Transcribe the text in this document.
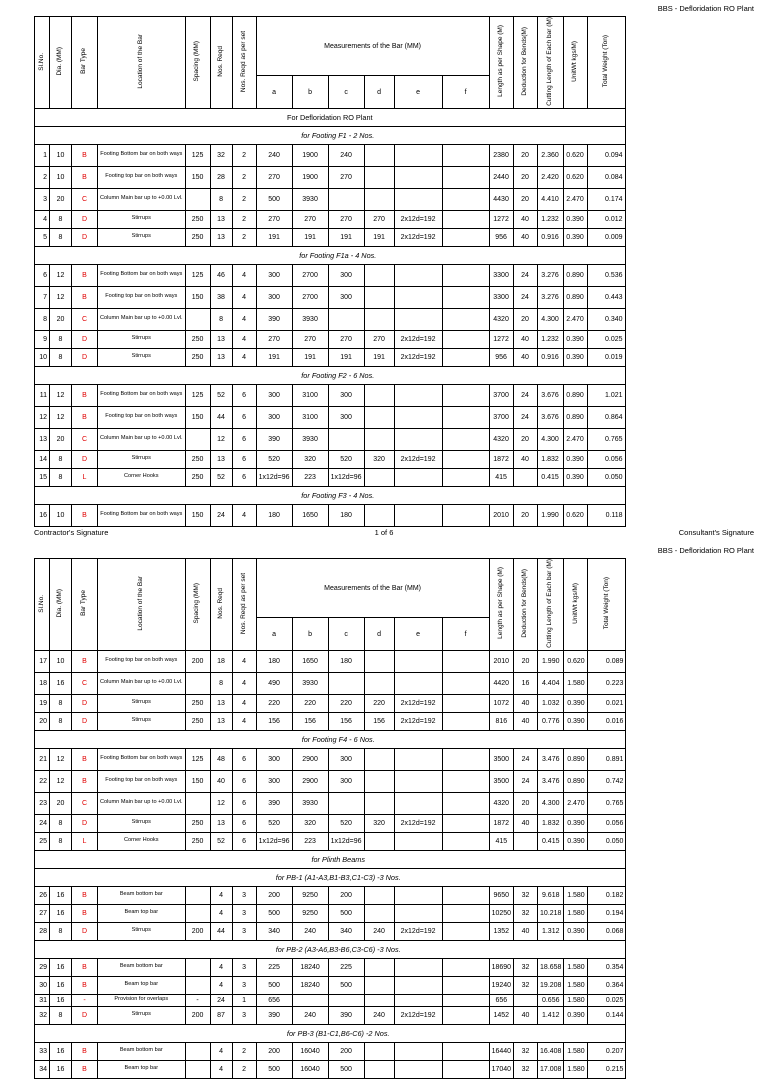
BBS - Defloridation RO Plant
Sl.No.	Dia. (MM)	Bar Type	Location of the Bar	Spacing (MM)	Nos. Reqd	Nos. Reqd as per set	Measurements of the Bar (MM)						Length as per Shape (M)	Deduction for Bends(M)	Cutting Length of Each bar (M)	UnitWt kgs/M)	Total Weight (Ton)
							a	b	c	d	e	f					
For Defloridation RO Plant																	
for Footing F1 - 2 Nos.																	
1	10	B	Footing Bottom bar on both ways	125	32	2	240	1900	240				2380	20	2.360	0.620	0.094
2	10	B	Footing top bar on both ways	150	28	2	270	1900	270				2440	20	2.420	0.620	0.084
3	20	C	Column Main bar up to +0.00 Lvl.		8	2	500	3930					4430	20	4.410	2.470	0.174
4	8	D	Stirrups	250	13	2	270	270	270	270	2x12d=192		1272	40	1.232	0.390	0.012
5	8	D	Stirrups	250	13	2	191	191	191	191	2x12d=192		956	40	0.916	0.390	0.009
for Footing F1a - 4 Nos.																	
6	12	B	Footing Bottom bar on both ways	125	46	4	300	2700	300				3300	24	3.276	0.890	0.536
7	12	B	Footing top bar on both ways	150	38	4	300	2700	300				3300	24	3.276	0.890	0.443
8	20	C	Column Main bar up to +0.00 Lvl.		8	4	390	3930					4320	20	4.300	2.470	0.340
9	8	D	Stirrups	250	13	4	270	270	270	270	2x12d=192		1272	40	1.232	0.390	0.025
10	8	D	Stirrups	250	13	4	191	191	191	191	2x12d=192		956	40	0.916	0.390	0.019
for Footing F2 - 6 Nos.																	
11	12	B	Footing Bottom bar on both ways	125	52	6	300	3100	300				3700	24	3.676	0.890	1.021
12	12	B	Footing top bar on both ways	150	44	6	300	3100	300				3700	24	3.676	0.890	0.864
13	20	C	Column Main bar up to +0.00 Lvl.		12	6	390	3930					4320	20	4.300	2.470	0.765
14	8	D	Stirrups	250	13	6	520	320	520	320	2x12d=192		1872	40	1.832	0.390	0.056
15	8	L	Corner Hooks	250	52	6	1x12d=96	223	1x12d=96				415		0.415	0.390	0.050
for Footing F3 - 4 Nos.																	
16	10	B	Footing Bottom bar on both ways	150	24	4	180	1650	180				2010	20	1.990	0.620	0.118
Contractor's Signature	1 of 6	Consultant's Signature
BBS - Defloridation RO Plant
Sl.No.	Dia. (MM)	Bar Type	Location of the Bar	Spacing (MM)	Nos. Reqd	Nos. Reqd as per set	Measurements of the Bar (MM)						Length as per Shape (M)	Deduction for Bends(M)	Cutting Length of Each bar (M)	UnitWt kgs/M)	Total Weight (Ton)
							a	b	c	d	e	f					
17	10	B	Footing top bar on both ways	200	18	4	180	1650	180				2010	20	1.990	0.620	0.089
18	16	C	Column Main bar up to +0.00 Lvl.		8	4	490	3930					4420	16	4.404	1.580	0.223
19	8	D	Stirrups	250	13	4	220	220	220	220	2x12d=192		1072	40	1.032	0.390	0.021
20	8	D	Stirrups	250	13	4	156	156	156	156	2x12d=192		816	40	0.776	0.390	0.016
for Footing F4 - 6 Nos.																	
21	12	B	Footing Bottom bar on both ways	125	48	6	300	2900	300				3500	24	3.476	0.890	0.891
22	12	B	Footing top bar on both ways	150	40	6	300	2900	300				3500	24	3.476	0.890	0.742
23	20	C	Column Main bar up to +0.00 Lvl.		12	6	390	3930					4320	20	4.300	2.470	0.765
24	8	D	Stirrups	250	13	6	520	320	520	320	2x12d=192		1872	40	1.832	0.390	0.056
25	8	L	Corner Hooks	250	52	6	1x12d=96	223	1x12d=96				415		0.415	0.390	0.050
for Plinth Beams																	
for PB-1 (A1-A3,B1-B3,C1-C3) -3 Nos.																	
26	16	B	Beam bottom bar		4	3	200	9250	200				9650	32	9.618	1.580	0.182
27	16	B	Beam top bar		4	3	500	9250	500				10250	32	10.218	1.580	0.194
28	8	D	Stirrups	200	44	3	340	240	340	240	2x12d=192		1352	40	1.312	0.390	0.068
for PB-2 (A3-A6,B3-B6,C3-C6) -3 Nos.																	
29	16	B	Beam bottom bar		4	3	225	18240	225				18690	32	18.658	1.580	0.354
30	16	B	Beam top bar		4	3	500	18240	500				19240	32	19.208	1.580	0.364
31	16	-	Provision for overlaps	-	24	1	656						656		0.656	1.580	0.025
32	8	D	Stirrups	200	87	3	390	240	390	240	2x12d=192		1452	40	1.412	0.390	0.144
for PB-3 (B1-C1,B6-C6) -2 Nos.																	
33	16	B	Beam bottom bar		4	2	200	16040	200				16440	32	16.408	1.580	0.207
34	16	B	Beam top bar		4	2	500	16040	500				17040	32	17.008	1.580	0.215
